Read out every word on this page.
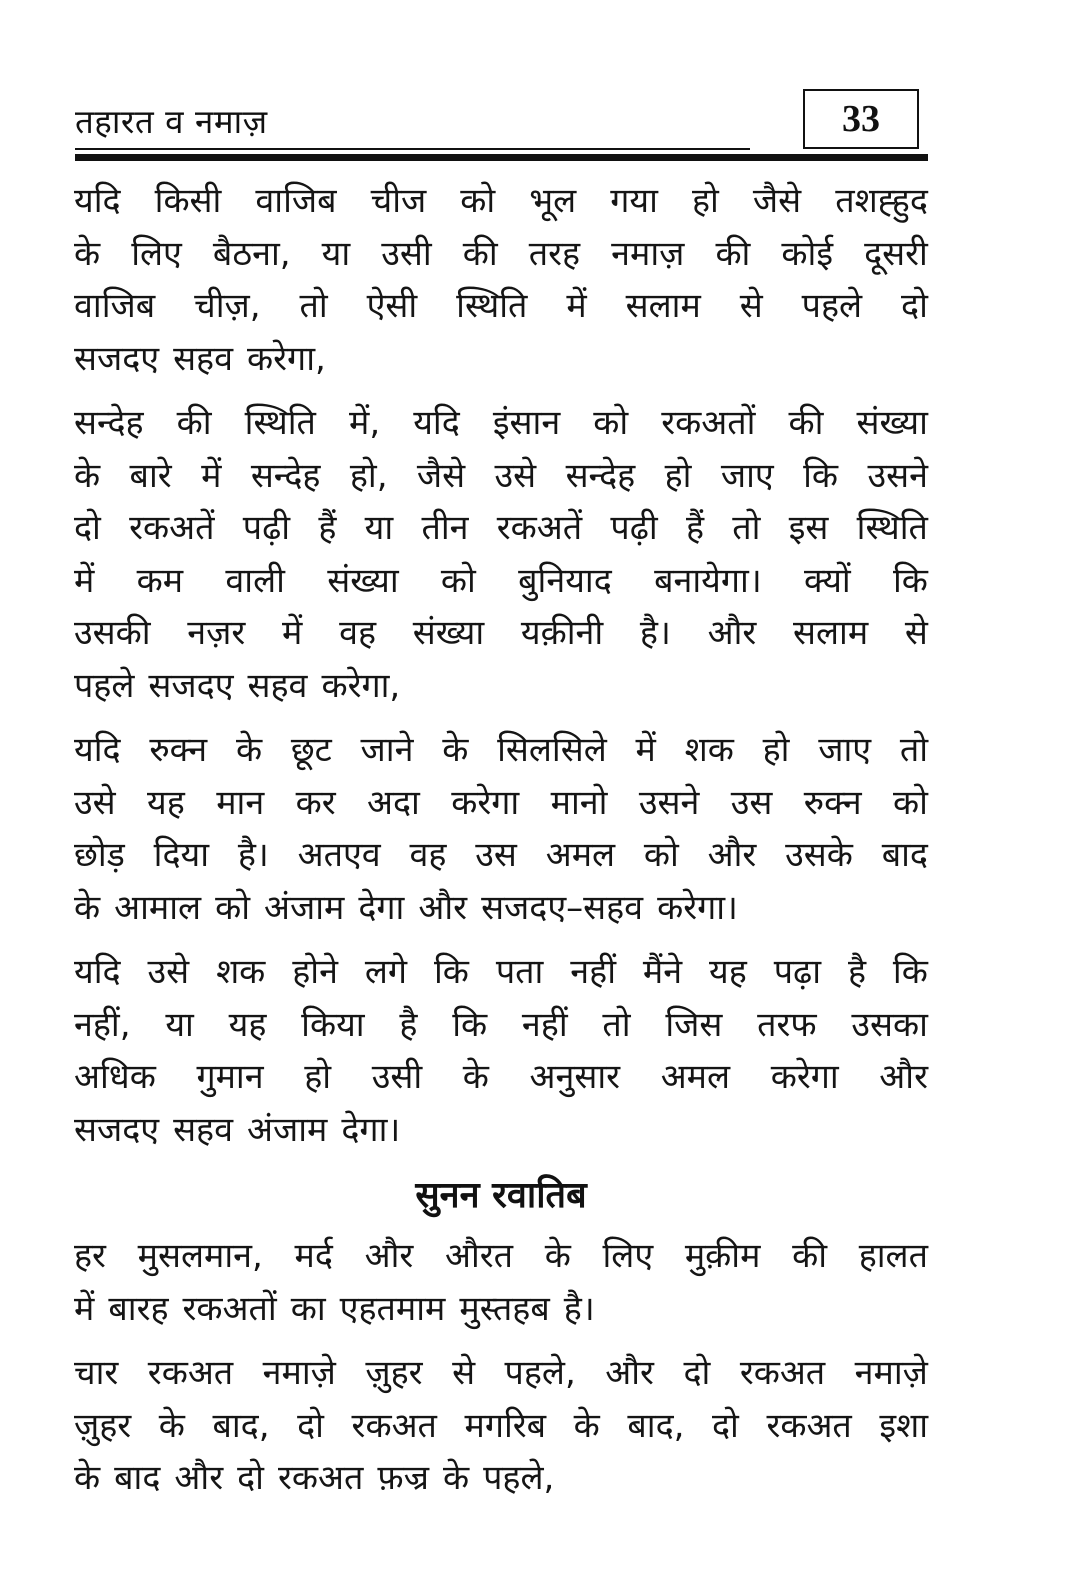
तहारत व नमाज़	33
यदि किसी वाजिब चीज को भूल गया हो जैसे तशह्हुद
के लिए बैठना, या उसी की तरह नमाज़ की कोई दूसरी
वाजिब चीज़, तो ऐसी स्थिति में सलाम से पहले दो
सजदए सहव करेगा,
सन्देह की स्थिति में, यदि इंसान को रकअतों की संख्या
के बारे में सन्देह हो, जैसे उसे सन्देह हो जाए कि उसने
दो रकअतें पढ़ी हैं या तीन रकअतें पढ़ी हैं तो इस स्थिति
में कम वाली संख्या को बुनियाद बनायेगा। क्यों कि
उसकी नज़र में वह संख्या यक़ीनी है। और सलाम से
पहले सजदए सहव करेगा,
यदि रुक्न के छूट जाने के सिलसिले में शक हो जाए तो
उसे यह मान कर अदा करेगा मानो उसने उस रुक्न को
छोड़ दिया है। अतएव वह उस अमल को और उसके बाद
के आमाल को अंजाम देगा और सजदए–सहव करेगा।
यदि उसे शक होने लगे कि पता नहीं मैंने यह पढ़ा है कि
नहीं, या यह किया है कि नहीं तो जिस तरफ उसका
अधिक गुमान हो उसी के अनुसार अमल करेगा और
सजदए सहव अंजाम देगा।
सुनन रवातिब
हर मुसलमान, मर्द और औरत के लिए मुक़ीम की हालत
में बारह रकअतों का एहतमाम मुस्तहब है।
चार रकअत नमाज़े ज़ुहर से पहले, और दो रकअत नमाज़े
ज़ुहर के बाद, दो रकअत मगरिब के बाद, दो रकअत इशा
के बाद और दो रकअत फ़ज्र के पहले,
